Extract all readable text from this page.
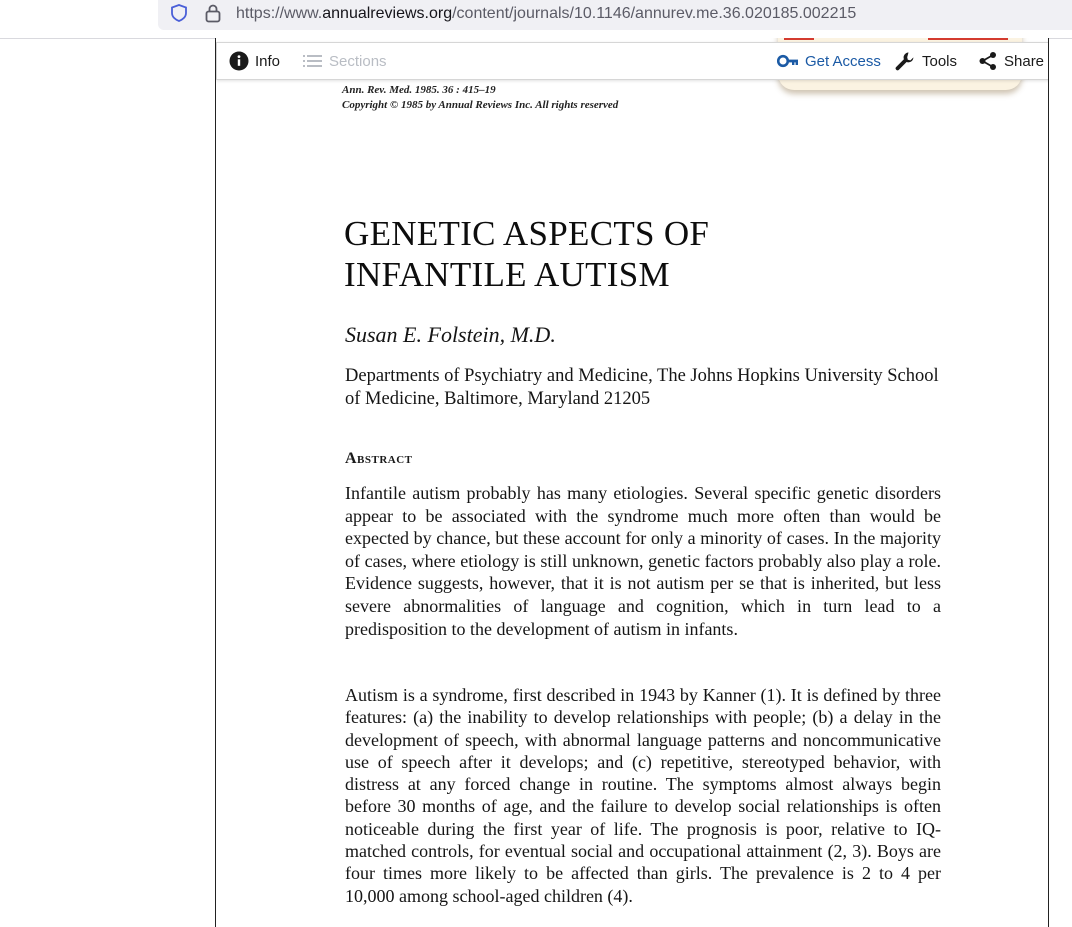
https://www.annualreviews.org/content/journals/10.1146/annurev.me.36.020185.002215
Ann. Rev. Med. 1985. 36 : 415–19
Copyright © 1985 by Annual Reviews Inc. All rights reserved
GENETIC ASPECTS OF
INFANTILE AUTISM
Susan E. Folstein, M.D.
Departments of Psychiatry and Medicine, The Johns Hopkins University School of Medicine, Baltimore, Maryland 21205
Abstract
Infantile autism probably has many etiologies. Several specific genetic disorders appear to be associated with the syndrome much more often than would be expected by chance, but these account for only a minority of cases. In the majority of cases, where etiology is still unknown, genetic factors probably also play a role. Evidence suggests, however, that it is not autism per se that is inherited, but less severe abnormalities of language and cognition, which in turn lead to a predisposition to the development of autism in infants.
Autism is a syndrome, first described in 1943 by Kanner (1). It is defined by three features: (a) the inability to develop relationships with people; (b) a delay in the development of speech, with abnormal language patterns and noncommunicative use of speech after it develops; and (c) repetitive, stereotyped behavior, with distress at any forced change in routine. The symptoms almost always begin before 30 months of age, and the failure to develop social relationships is often noticeable during the first year of life. The prognosis is poor, relative to IQ-matched controls, for eventual social and occupational attainment (2, 3). Boys are four times more likely to be affected than girls. The prevalence is 2 to 4 per 10,000 among school-aged children (4).
Info	Sections	Get Access	Tools	Share
